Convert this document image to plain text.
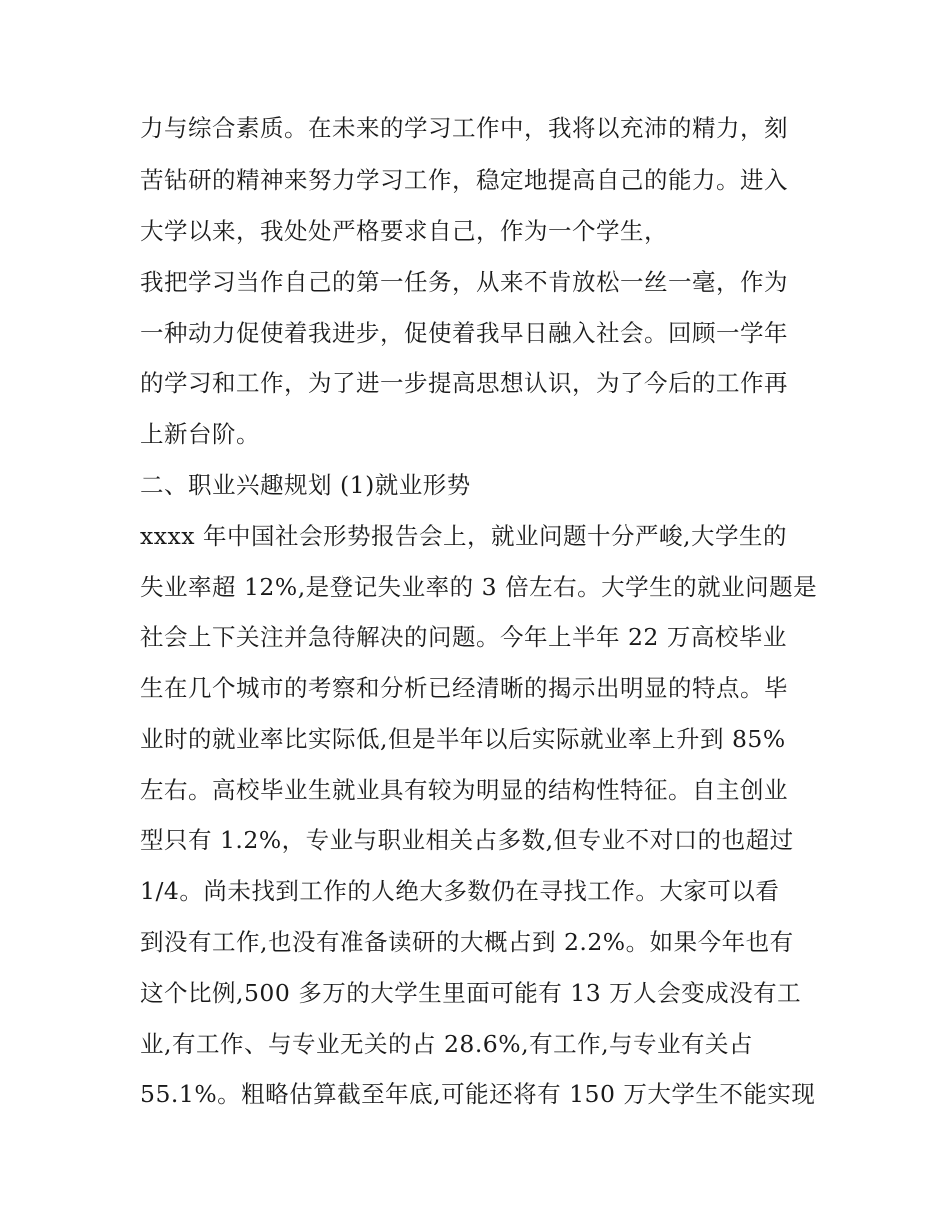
力与综合素质。在未来的学习工作中，我将以充沛的精力，刻
苦钻研的精神来努力学习工作，稳定地提高自己的能力。进入
大学以来，我处处严格要求自己，作为一个学生，
我把学习当作自己的第一任务，从来不肯放松一丝一毫，作为
一种动力促使着我进步，促使着我早日融入社会。回顾一学年
的学习和工作，为了进一步提高思想认识，为了今后的工作再
上新台阶。
二、职业兴趣规划 (1)就业形势
xxxx 年中国社会形势报告会上，就业问题十分严峻,大学生的
失业率超 12%,是登记失业率的 3 倍左右。大学生的就业问题是
社会上下关注并急待解决的问题。今年上半年 22 万高校毕业
生在几个城市的考察和分析已经清晰的揭示出明显的特点。毕
业时的就业率比实际低,但是半年以后实际就业率上升到 85%
左右。高校毕业生就业具有较为明显的结构性特征。自主创业
型只有 1.2%，专业与职业相关占多数,但专业不对口的也超过
1/4。尚未找到工作的人绝大多数仍在寻找工作。大家可以看
到没有工作,也没有准备读研的大概占到 2.2%。如果今年也有
这个比例,500 多万的大学生里面可能有 13 万人会变成没有工
业,有工作、与专业无关的占 28.6%,有工作,与专业有关占
55.1%。粗略估算截至年底,可能还将有 150 万大学生不能实现
